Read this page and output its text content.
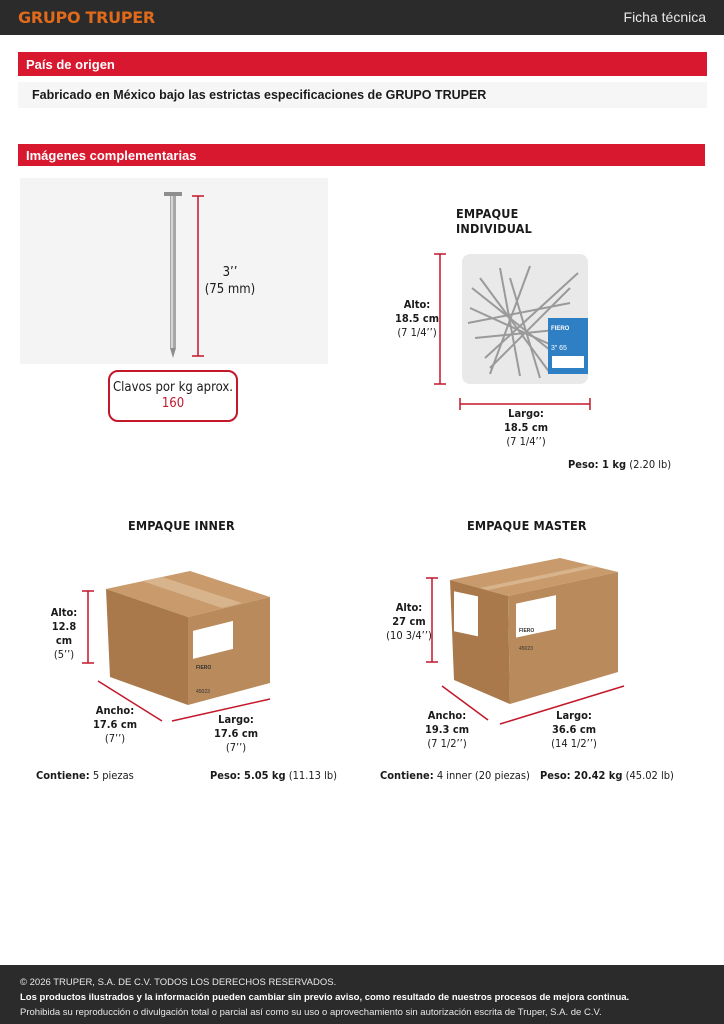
GRUPO TRUPER	Ficha técnica
País de origen
Fabricado en México bajo las estrictas especificaciones de GRUPO TRUPER
Imágenes complementarias
3’’
(75 mm)
Clavos por kg aprox.
160
EMPAQUE INDIVIDUAL
FIERO
3” 65
Alto:
18.5 cm
(7 1/4’’)
Largo:
18.5 cm
(7 1/4’’)
Peso: 1 kg (2.20 lb)
EMPAQUE INNER
FIERO
45023
Alto:
12.8 cm
(5’’)
Ancho:
17.6 cm
(7’’)
Largo:
17.6 cm
(7’’)
Contiene: 5 piezas	Peso: 5.05 kg (11.13 lb)
EMPAQUE MASTER
FIERO
45023
Alto:
27 cm
(10 3/4’’)
Ancho:
19.3 cm
(7 1/2’’)
Largo:
36.6 cm
(14 1/2’’)
Contiene: 4 inner (20 piezas) Peso: 20.42 kg (45.02 lb)
© 2026 TRUPER, S.A. DE C.V. TODOS LOS DERECHOS RESERVADOS.
Los productos ilustrados y la información pueden cambiar sin previo aviso, como resultado de nuestros procesos de mejora continua.
Prohibida su reproducción o divulgación total o parcial así como su uso o aprovechamiento sin autorización escrita de Truper, S.A. de C.V.
